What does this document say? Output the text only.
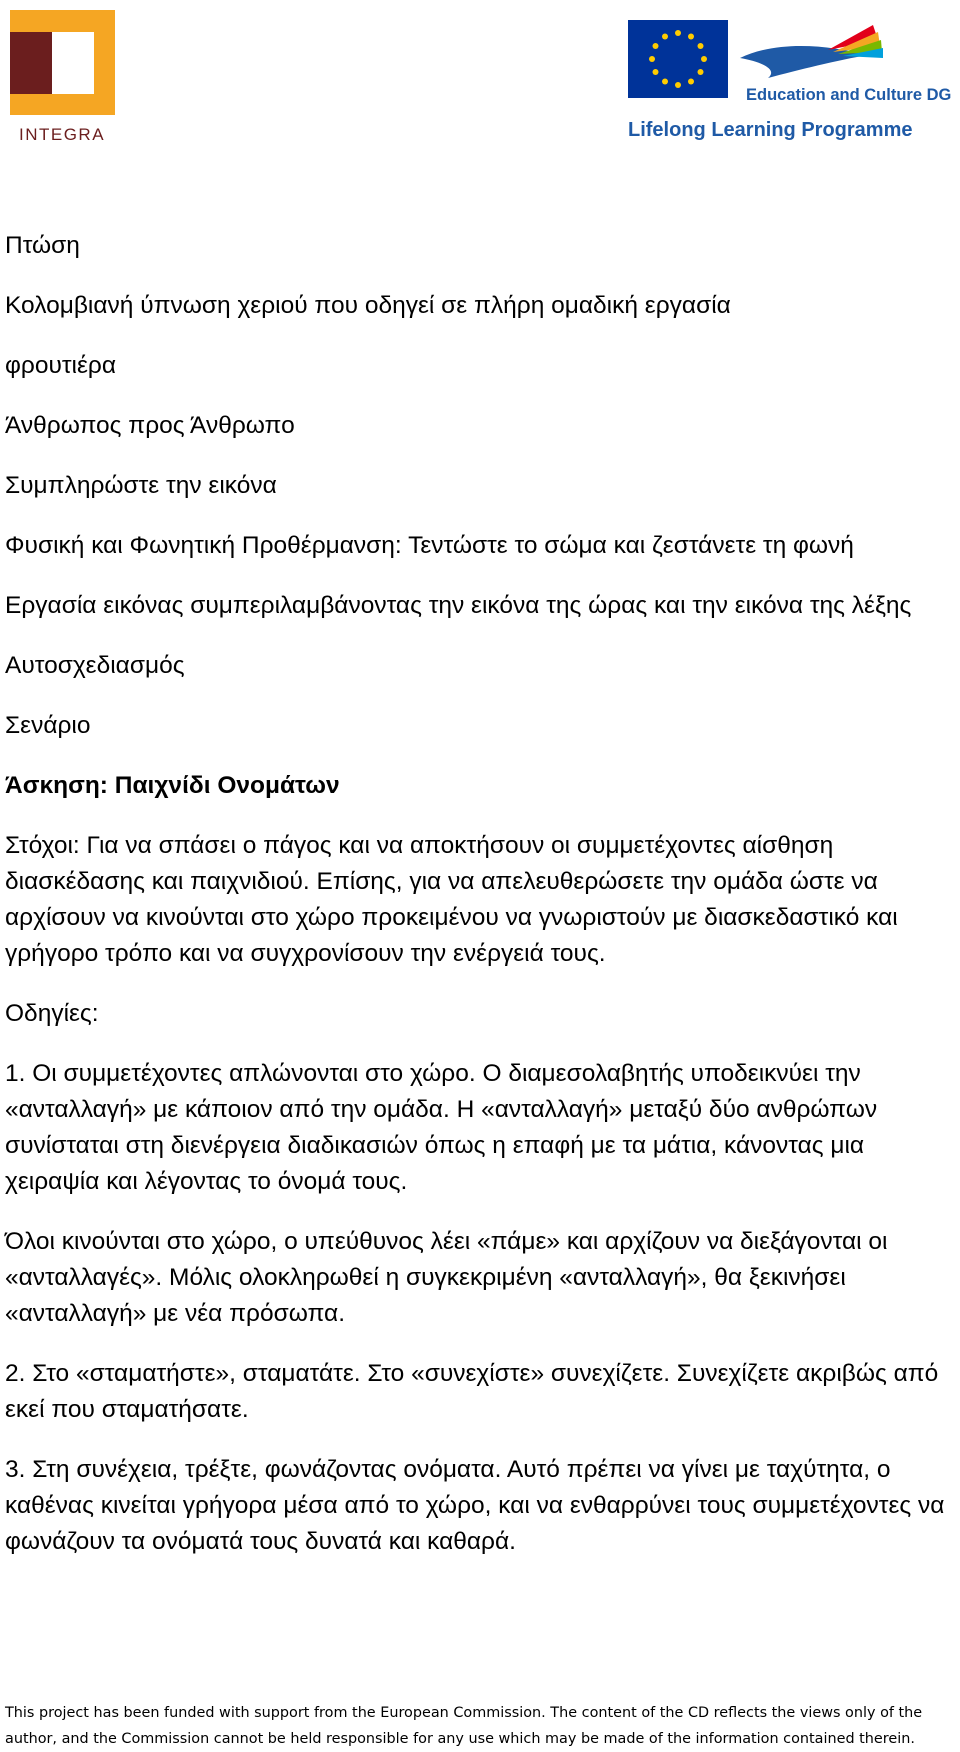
INTEGRA
Education and Culture DG
Lifelong Learning Programme

Πτώση

Κολομβιανή ύπνωση χεριού που οδηγεί σε πλήρη ομαδική εργασία

φρουτιέρα

Άνθρωπος προς Άνθρωπο

Συμπληρώστε την εικόνα

Φυσική και Φωνητική Προθέρμανση: Τεντώστε το σώμα και ζεστάνετε τη φωνή

Εργασία εικόνας συμπεριλαμβάνοντας την εικόνα της ώρας και την εικόνα της λέξης

Αυτοσχεδιασμός

Σενάριο

Άσκηση: Παιχνίδι Ονομάτων

Στόχοι: Για να σπάσει ο πάγος και να αποκτήσουν οι συμμετέχοντες αίσθηση διασκέδασης και παιχνιδιού. Επίσης, για να απελευθερώσετε την ομάδα ώστε να αρχίσουν να κινούνται στο χώρο προκειμένου να γνωριστούν με διασκεδαστικό και γρήγορο τρόπο και να συγχρονίσουν την ενέργειά τους.

Οδηγίες:

1. Οι συμμετέχοντες απλώνονται στο χώρο. Ο διαμεσολαβητής υποδεικνύει την «ανταλλαγή» με κάποιον από την ομάδα. Η «ανταλλαγή» μεταξύ δύο ανθρώπων συνίσταται στη διενέργεια διαδικασιών όπως η επαφή με τα μάτια, κάνοντας μια χειραψία και λέγοντας το όνομά τους.

Όλοι κινούνται στο χώρο, ο υπεύθυνος λέει «πάμε» και αρχίζουν να διεξάγονται οι «ανταλλαγές». Μόλις ολοκληρωθεί η συγκεκριμένη «ανταλλαγή», θα ξεκινήσει «ανταλλαγή» με νέα πρόσωπα.

2. Στο «σταματήστε», σταματάτε. Στο «συνεχίστε» συνεχίζετε. Συνεχίζετε ακριβώς από εκεί που σταματήσατε.

3. Στη συνέχεια, τρέξτε, φωνάζοντας ονόματα. Αυτό πρέπει να γίνει με ταχύτητα, ο καθένας κινείται γρήγορα μέσα από το χώρο, και να ενθαρρύνει τους συμμετέχοντες να φωνάζουν τα ονόματά τους δυνατά και καθαρά.

This project has been funded with support from the European Commission. The content of the CD reflects the views only of the
author, and the Commission cannot be held responsible for any use which may be made of the information contained therein.
